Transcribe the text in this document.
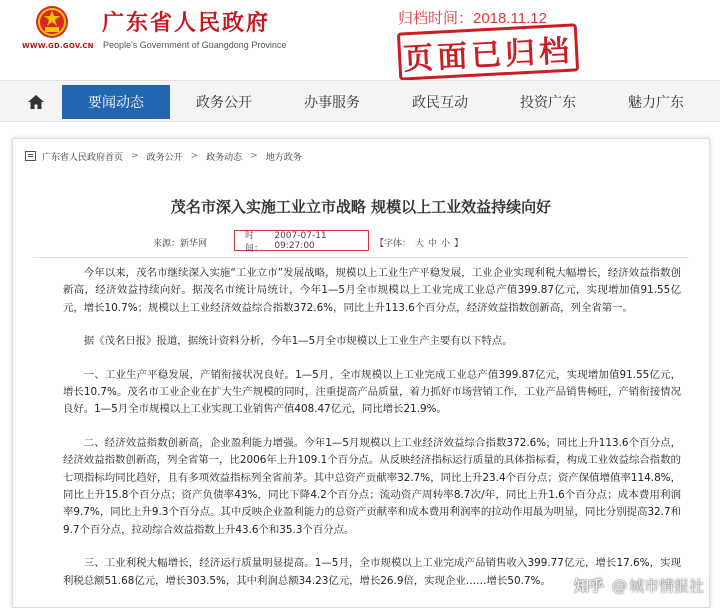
WWW.GD.GOV.CN
广东省人民政府
People's Government of Guangdong Province
归档时间：2018.11.12
页面已归档
要闻动态	政务公开	办事服务	政民互动	投资广东	魅力广东
广东省人民政府首页 > 政务公开 > 政务动态 > 地方政务
茂名市深入实施工业立市战略 规模以上工业效益持续向好
来源：新华网
时间：

2007-07-11 09:27:00	【字体： 大 中 小 】

今年以来，茂名市继续深入实施“工业立市”发展战略，规模以上工业生产平稳发展，工业企业实现利税大幅增长，经济效益指数创新高，经济效益持续向好。据茂名市统计局统计，今年1—5月全市规模以上工业完成工业总产值399.87亿元，实现增加值91.55亿元，增长10.7%；规模以上工业经济效益综合指数372.6%，同比上升113.6个百分点，经济效益指数创新高，列全省第一。

据《茂名日报》报道，据统计资料分析，今年1—5月全市规模以上工业生产主要有以下特点。

一、工业生产平稳发展，产销衔接状况良好。1—5月，全市规模以上工业完成工业总产值399.87亿元，实现增加值91.55亿元，增长10.7%。茂名市工业企业在扩大生产规模的同时，注重提高产品质量，着力抓好市场营销工作，工业产品销售畅旺，产销衔接情况良好。1—5月全市规模以上工业实现工业销售产值408.47亿元，同比增长21.9%。

二、经济效益指数创新高，企业盈利能力增强。今年1—5月规模以上工业经济效益综合指数372.6%，同比上升113.6个百分点，经济效益指数创新高，列全省第一，比2006年上升109.1个百分点。从反映经济指标运行质量的具体指标看，构成工业效益综合指数的七项指标均同比趋好，且有多项效益指标列全省前茅。其中总资产贡献率32.7%，同比上升23.4个百分点；资产保值增值率114.8%，同比上升15.8个百分点；资产负债率43%，同比下降4.2个百分点；流动资产周转率8.7次/年，同比上升1.6个百分点；成本费用利润率9.7%，同比上升9.3个百分点。其中反映企业盈利能力的总资产贡献率和成本费用利润率的拉动作用最为明显，同比分别提高32.7和9.7个百分点，拉动综合效益指数上升43.6个和35.3个百分点。

三、工业利税大幅增长，经济运行质量明显提高。1—5月，全市规模以上工业完成产品销售收入399.77亿元，增长17.6%，实现利税总额51.68亿元，增长303.5%，其中利润总额34.23亿元，增长26.9倍，实现企业……增长50.7%。	知乎 @ 城市情报社
